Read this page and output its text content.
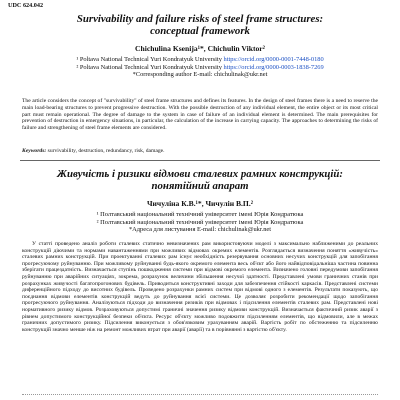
UDC 624.042
Survivability and failure risks of steel frame structures:
conceptual framework
Chichulina Ksenija¹*, Chichulin Viktor²
¹ Poltava National Technical Yuri Kondratyuk University https://orcid.org/0000-0001-7448-0180
² Poltava National Technical Yuri Kondratyuk University https://orcid.org/0000-0003-1838-7269
*Corresponding author E-mail: chichulinak@ukr.net
The article considers the concept of "survivability" of steel frame structures and defines its features. In the design of steel frames there is a need to reserve the main load-bearing structures to prevent progressive destruction. With the possible destruction of any individual element, the entire object or its most critical part must remain operational. The degree of damage to the system in case of failure of an individual element is determined. The main prerequisites for prevention of destruction in emergency situations, in particular, the calculation of the increase in carrying capacity. The approaches to determining the risks of failure and strengthening of steel frame elements are considered.
Keywords: survivability, destruction, redundancy, risk, damage.
Живучість і ризики відмови сталевих рамних конструкцій:
понятійний апарат
Чичуліна К.В.¹*, Чичулін В.П.²
¹ Полтавський національний технічний університет імені Юрія Кондратюка
² Полтавський національний технічний університет імені Юрія Кондратюка
*Адреса для листування E-mail: chichulinak@ukr.net

У статті проведено аналіз роботи сталевих статично невизначених рам використовуючи моделі з максимально наближеними до реальних конструкцій діючими та нормами навантаженнями при можливих відмовах окремих елементів. Розглядається визначення поняття «живучість» сталевих рамних конструкцій. При проектуванні сталевих рам існує необхідність резервування основних несучих конструкцій для запобігання прогресуючому руйнуванню. При можливому руйнуванні будь-якого окремого елемента весь об'єкт або його найвідповідальніша частина повинна зберігати працездатність. Визначається ступінь пошкодження системи при відмові окремого елемента. Визначено головні передумови запобігання руйнуванню при аварійних ситуаціях, зокрема, розрахунок величини збільшення несучої здатності. Представлені умови граничних станів при розрахунках живучості багатопрогонових будівель. Приводиться конструктивні заходи для забезпечення стійкості каркасів. Представлені системи диференційного підходу до висотних будівель. Проведено розрахунки рамних систем при відмові одного з елементів. Результати показують, що поєднання відмови елементів конструкцій ведуть до руйнування всієї системи. Це дозволяє розробити рекомендації щодо запобігання прогресуючого руйнування. Аналізуються підходи до визначення ризиків при відмовах і підсилення елементів сталевих рам. Представлені нові нормативного ризику відмов. Розраховуються допустимі граничні значення ризику відмови конструкцій. Визначається фактичний ризик аварії з рівнем допустимого конструкційної безпеки об'єкта. Ресурс об'єкту можливо подовжити підсиленням елементів, що відмовили, але в межах граничних допустимого ризику. Підсилення виконується з обов'язковим урахуванням аварій. Вартість робіт по обстеженню та підсиленню конструкцій значно менше ніж на ремонт можливих втрат при аварії (аварії) та в порівнянні з вартістю об'єкту.
